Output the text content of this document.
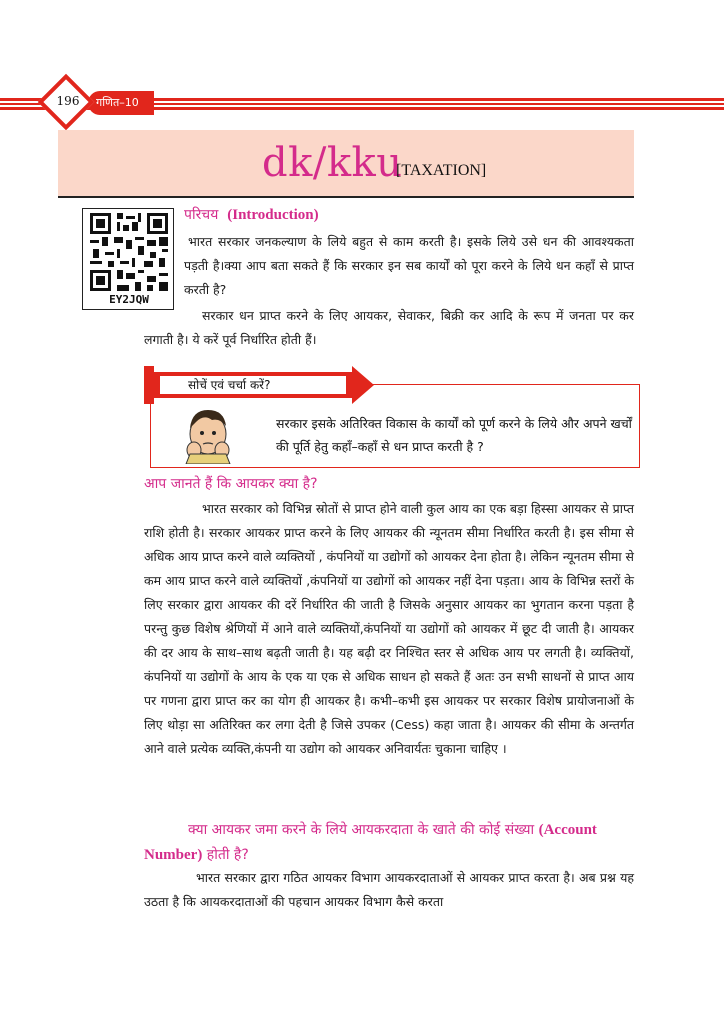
गणित–10
196
dk/kku
[TAXATION]
EY2JQW
परिचय (Introduction)
भारत सरकार जनकल्याण के लिये बहुत से काम करती है। इसके लिये उसे धन की आवश्यकता पड़ती है।क्या आप बता सकते हैं कि सरकार इन सब कार्यों को पूरा करने के लिये धन कहाँ से प्राप्त करती है?
सरकार धन प्राप्त करने के लिए आयकर, सेवाकर, बिक्री कर आदि के रूप में जनता पर कर लगाती है। ये करें पूर्व निर्धारित होती हैं।
सोचें एवं चर्चा करें?
सरकार इसके अतिरिक्त विकास के कार्यों को पूर्ण करने के लिये और अपने खर्चों की पूर्ति हेतु कहाँ–कहाँ से धन प्राप्त करती है ?
आप जानते हैं कि आयकर क्या है?
भारत सरकार को विभिन्न स्रोतों से प्राप्त होने वाली कुल आय का एक बड़ा हिस्सा आयकर से प्राप्त राशि होती है। सरकार आयकर प्राप्त करने के लिए आयकर की न्यूनतम सीमा निर्धारित करती है। इस सीमा से अधिक आय प्राप्त करने वाले व्यक्तियों , कंपनियों या उद्योगों को आयकर देना होता है। लेकिन न्यूनतम सीमा से कम आय प्राप्त करने वाले व्यक्तियों ,कंपनियों या उद्योगों को आयकर नहीं देना पड़ता। आय के विभिन्न स्तरों के लिए सरकार द्वारा आयकर की दरें निर्धारित की जाती है जिसके अनुसार आयकर का भुगतान करना पड़ता है परन्तु कुछ विशेष श्रेणियों में आने वाले व्यक्तियों,कंपनियों या उद्योगों को आयकर में छूट दी जाती है। आयकर की दर आय के साथ–साथ बढ़ती जाती है। यह बढ़ी दर निश्चित स्तर से अधिक आय पर लगती है। व्यक्तियों, कंपनियों या उद्योगों के आय के एक या एक से अधिक साधन हो सकते हैं अतः उन सभी साधनों से प्राप्त आय पर गणना द्वारा प्राप्त कर का योग ही आयकर है। कभी–कभी इस आयकर पर सरकार विशेष प्रायोजनाओं के लिए थोड़ा सा अतिरिक्त कर लगा देती है जिसे उपकर (Cess) कहा जाता है। आयकर की सीमा के अन्तर्गत आने वाले प्रत्येक व्यक्ति,कंपनी या उद्योग को आयकर अनिवार्यतः चुकाना चाहिए ।
क्या आयकर जमा करने के लिये आयकरदाता के खाते की कोई संख्या (Account Number) होती है?
भारत सरकार द्वारा गठित आयकर विभाग आयकरदाताओं से आयकर प्राप्त करता है। अब प्रश्न यह उठता है कि आयकरदाताओं की पहचान आयकर विभाग कैसे करता
